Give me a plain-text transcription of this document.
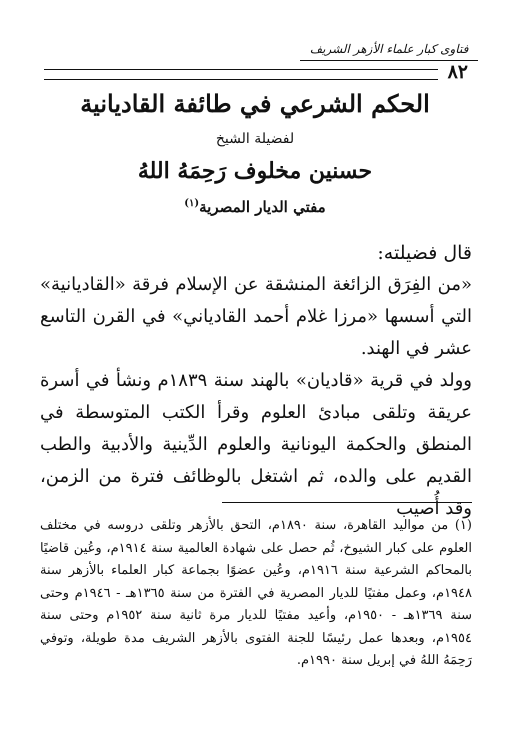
فتاوى كبار علماء الأزهر الشريف
٨٢
الحكم الشرعي في طائفة القاديانية
لفضيلة الشيخ
حسنين مخلوف رَحِمَهُ اللهُ
مفتي الديار المصرية$^{(١)}$

قال فضيلته:

«من الفِرَق الزائغة المنشقة عن الإسلام فرقة «القاديانية» التي أسسها «مرزا غلام أحمد القادياني» في القرن التاسع عشر في الهند.

وولد في قرية «قاديان» بالهند سنة ١٨٣٩م ونشأ في أسرة عريقة وتلقى مبادئ العلوم وقرأ الكتب المتوسطة في المنطق والحكمة اليونانية والعلوم الدِّينية والأدبية والطب القديم على والده، ثم اشتغل بالوظائف فترة من الزمن، وقد أُصيب

(١) من مواليد القاهرة، سنة ١٨٩٠م، التحق بالأزهر وتلقى دروسه في مختلف العلوم على كبار الشيوخ، ثُم حصل على شهادة العالمية سنة ١٩١٤م، وعُين قاضيًا بالمحاكم الشرعية سنة ١٩١٦م، وعُين عضوًا بجماعة كبار العلماء بالأزهر سنة ١٩٤٨م، وعمل مفتيًا للديار المصرية في الفترة من سنة ١٣٦٥هـ - ١٩٤٦م وحتى سنة ١٣٦٩هـ - ١٩٥٠م، وأعيد مفتيًا للديار مرة ثانية سنة ١٩٥٢م وحتى سنة ١٩٥٤م، وبعدها عمل رئيسًا للجنة الفتوى بالأزهر الشريف مدة طويلة، وتوفي رَحِمَهُ اللهُ في إبريل سنة ١٩٩٠م.
